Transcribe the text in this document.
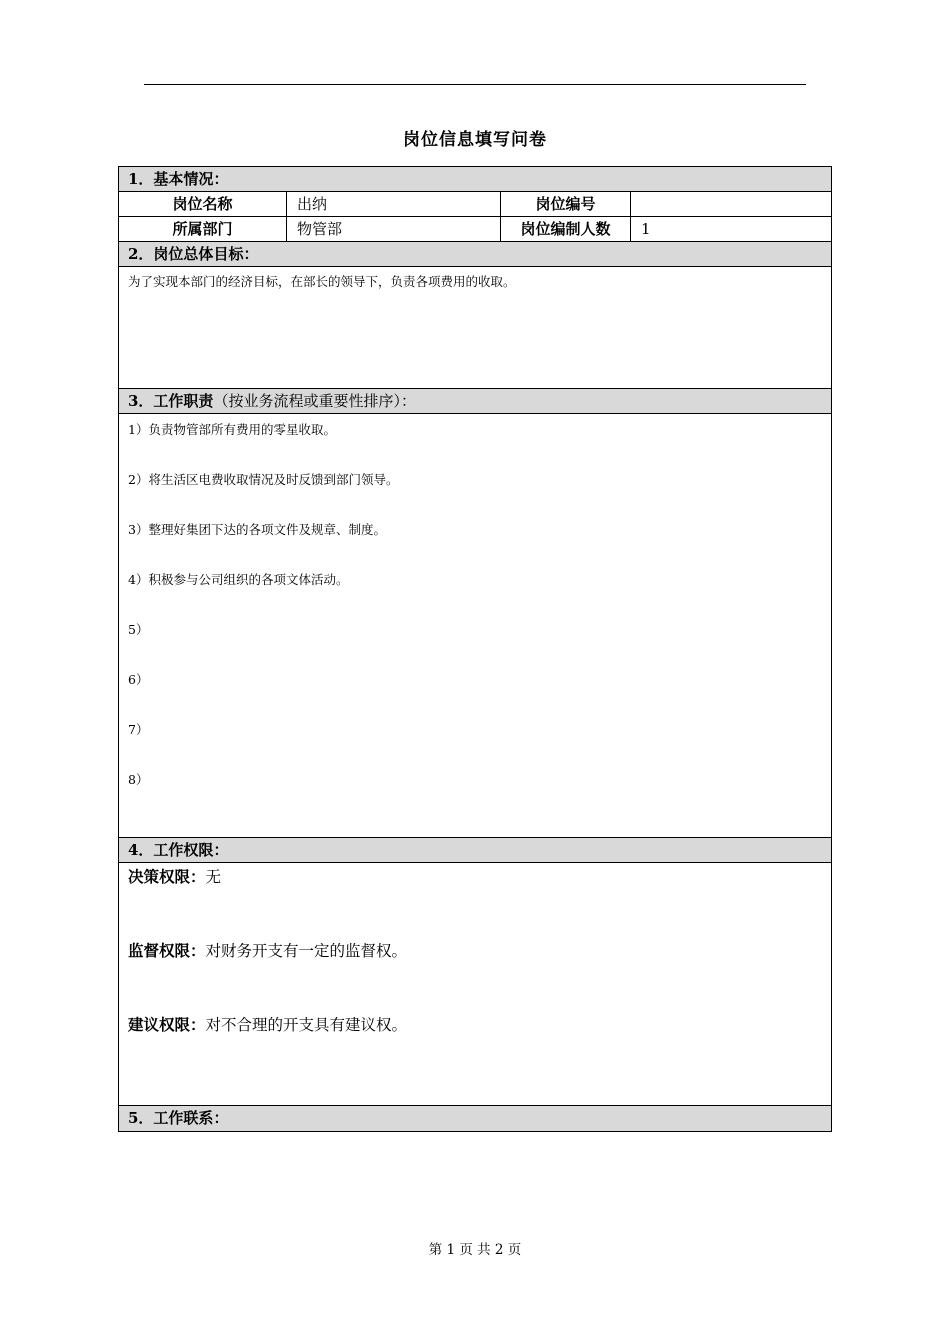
岗位信息填写问卷
1．基本情况：
岗位名称	出纳	岗位编号
所属部门	物管部	岗位编制人数	1
2．岗位总体目标：
为了实现本部门的经济目标，在部长的领导下，负责各项费用的收取。
3．工作职责（按业务流程或重要性排序）：
1）负责物管部所有费用的零星收取。
2）将生活区电费收取情况及时反馈到部门领导。
3）整理好集团下达的各项文件及规章、制度。
4）积极参与公司组织的各项文体活动。
5）
6）
7）
8）
4．工作权限：
决策权限：无
监督权限：对财务开支有一定的监督权。
建议权限：对不合理的开支具有建议权。
5．工作联系：
第 1 页 共 2 页
